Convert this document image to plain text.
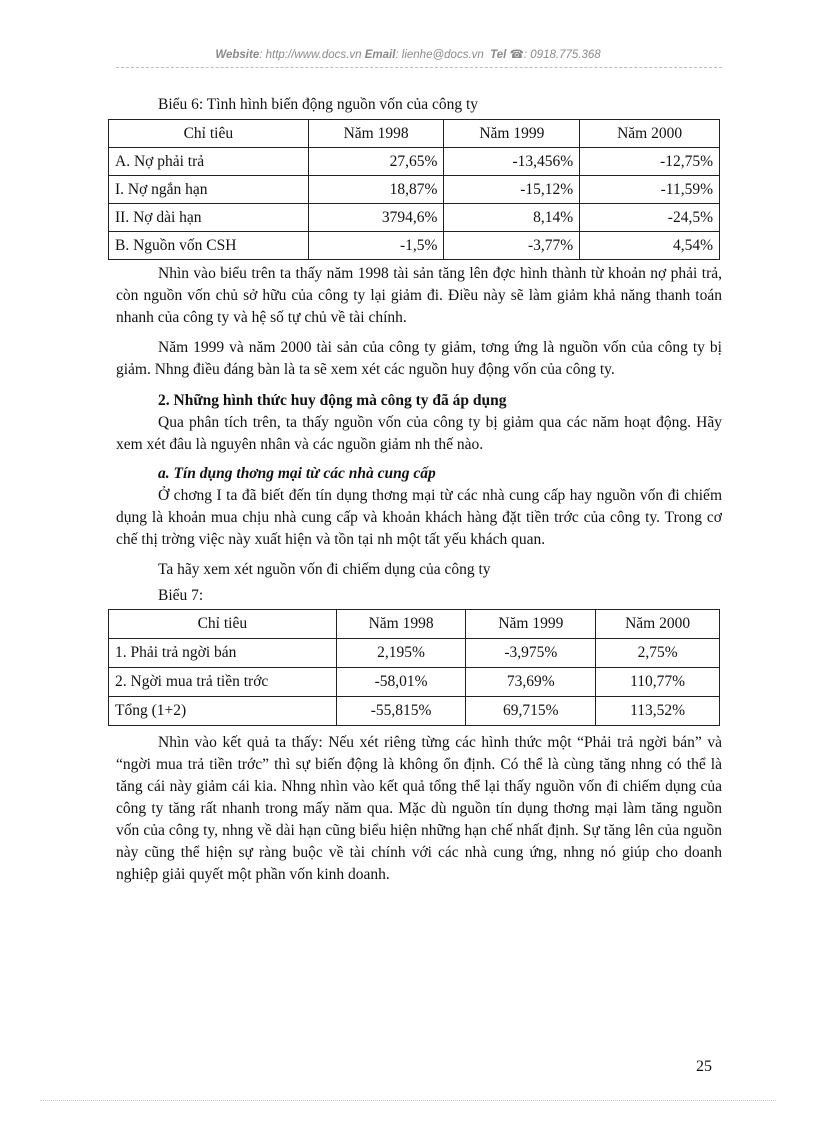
Website: http://www.docs.vn Email: lienhe@docs.vn Tel ☎: 0918.775.368

Biểu 6: Tình hình biến động nguồn vốn của công ty

Chỉ tiêu	Năm 1998	Năm 1999	Năm 2000
A. Nợ phải trả	27,65%	-13,456%	-12,75%
I. Nợ ngắn hạn	18,87%	-15,12%	-11,59%
II. Nợ dài hạn	3794,6%	8,14%	-24,5%
B. Nguồn vốn CSH	-1,5%	-3,77%	4,54%

Nhìn vào biểu trên ta thấy năm 1998 tài sản tăng lên đợc hình thành từ khoản nợ phải trả, còn nguồn vốn chủ sở hữu của công ty lại giảm đi. Điều này sẽ làm giảm khả năng thanh toán nhanh của công ty và hệ số tự chủ về tài chính.

Năm 1999 và năm 2000 tài sản của công ty giảm, tơng ứng là nguồn vốn của công ty bị giảm. Nhng điều đáng bàn là ta sẽ xem xét các nguồn huy động vốn của công ty.

2. Những hình thức huy động mà công ty đã áp dụng

Qua phân tích trên, ta thấy nguồn vốn của công ty bị giảm qua các năm hoạt động. Hãy xem xét đâu là nguyên nhân và các nguồn giảm nh thế nào.

a. Tín dụng thơng mại từ các nhà cung cấp

Ở chơng I ta đã biết đến tín dụng thơng mại từ các nhà cung cấp hay nguồn vốn đi chiếm dụng là khoản mua chịu nhà cung cấp và khoản khách hàng đặt tiền trớc của công ty. Trong cơ chế thị trờng việc này xuất hiện và tồn tại nh một tất yếu khách quan.

Ta hãy xem xét nguồn vốn đi chiếm dụng của công ty

Biểu 7:

Chỉ tiêu	Năm 1998	Năm 1999	Năm 2000
1. Phải trả ngời bán	2,195%	-3,975%	2,75%
2. Ngời mua trả tiền trớc	-58,01%	73,69%	110,77%
Tổng (1+2)	-55,815%	69,715%	113,52%

Nhìn vào kết quả ta thấy: Nếu xét riêng từng các hình thức một “Phải trả ngời bán” và “ngời mua trả tiền trớc” thì sự biến động là không ổn định. Có thể là cùng tăng nhng có thể là tăng cái này giảm cái kia. Nhng nhìn vào kết quả tổng thể lại thấy nguồn vốn đi chiếm dụng của công ty tăng rất nhanh trong mấy năm qua. Mặc dù nguồn tín dụng thơng mại làm tăng nguồn vốn của công ty, nhng về dài hạn cũng biểu hiện những hạn chế nhất định. Sự tăng lên của nguồn này cũng thể hiện sự ràng buộc về tài chính với các nhà cung ứng, nhng nó giúp cho doanh nghiệp giải quyết một phần vốn kinh doanh.

25
